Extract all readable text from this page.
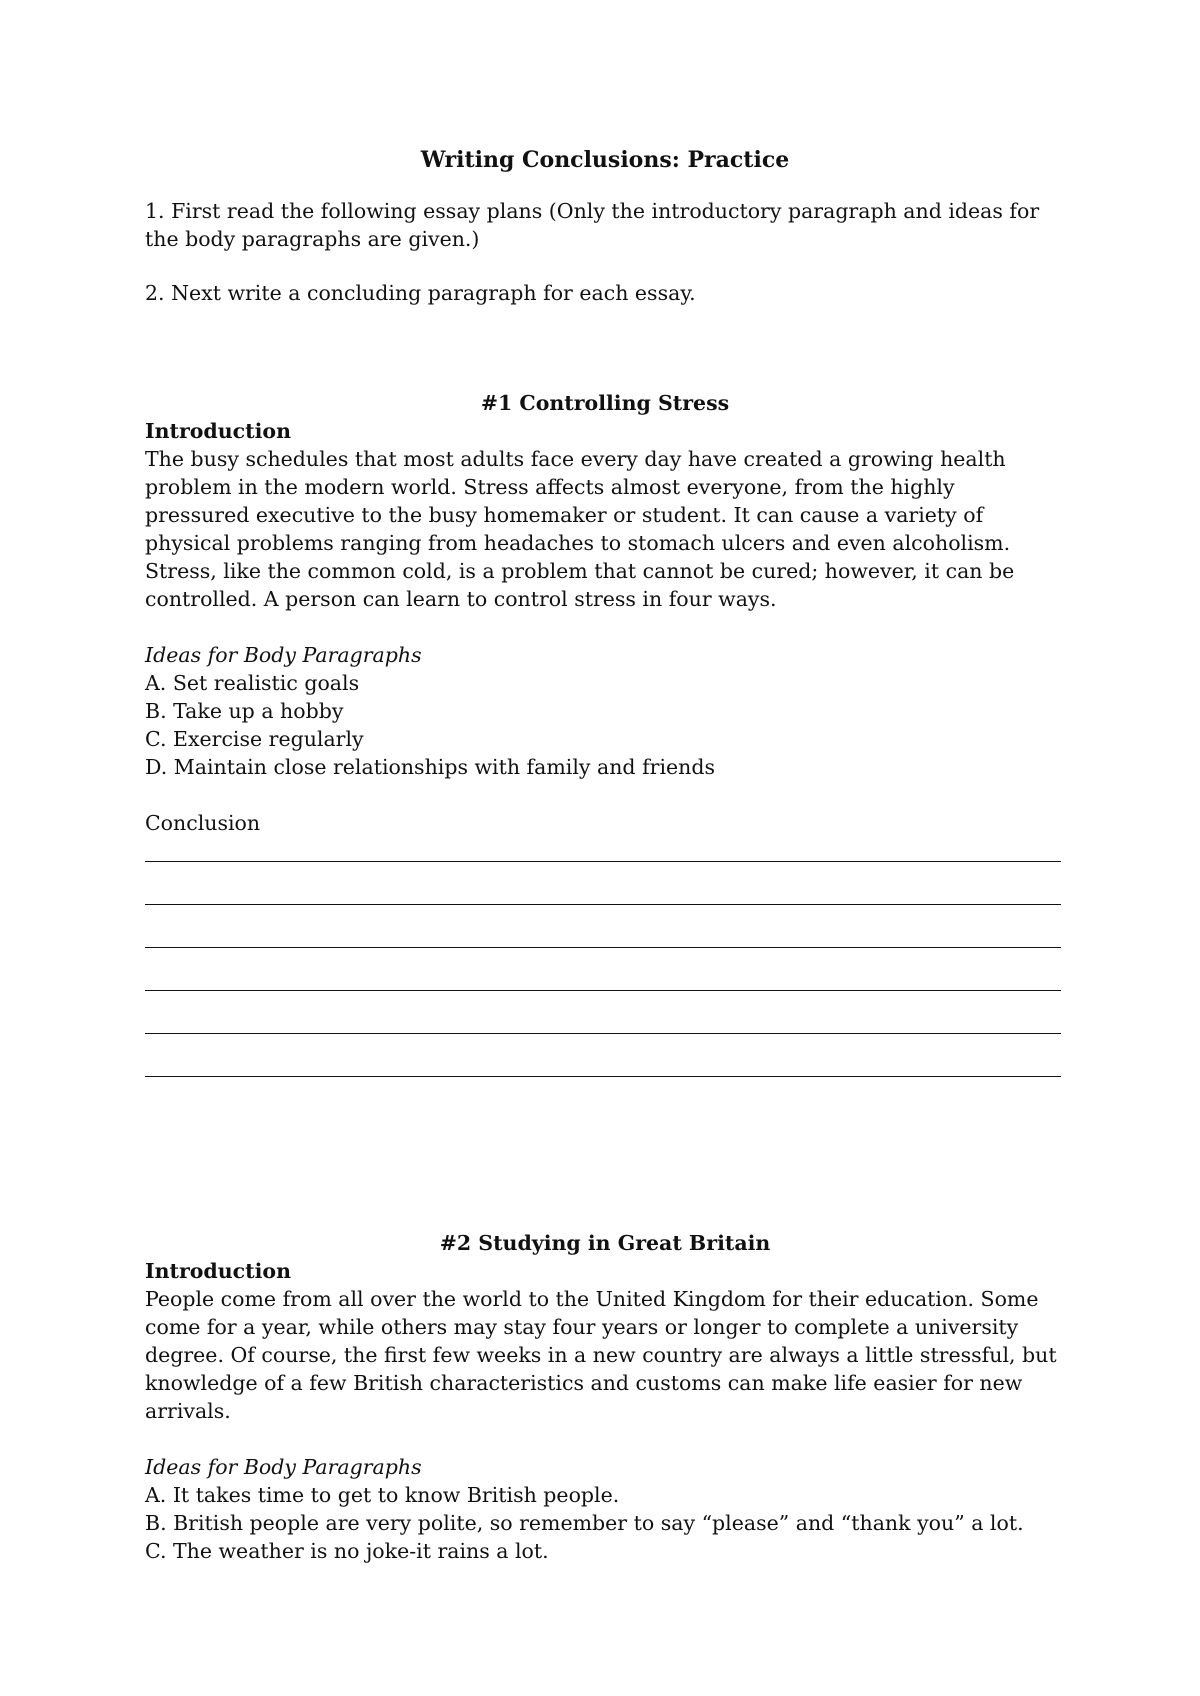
Writing Conclusions: Practice

1. First read the following essay plans (Only the introductory paragraph and ideas for the body paragraphs are given.)

2. Next write a concluding paragraph for each essay.

#1 Controlling Stress

Introduction

The busy schedules that most adults face every day have created a growing health problem in the modern world. Stress affects almost everyone, from the highly pressured executive to the busy homemaker or student. It can cause a variety of physical problems ranging from headaches to stomach ulcers and even alcoholism. Stress, like the common cold, is a problem that cannot be cured; however, it can be controlled. A person can learn to control stress in four ways.

Ideas for Body Paragraphs

A. Set realistic goals
B. Take up a hobby
C. Exercise regularly
D. Maintain close relationships with family and friends

Conclusion

#2 Studying in Great Britain

Introduction

People come from all over the world to the United Kingdom for their education. Some come for a year, while others may stay four years or longer to complete a university degree. Of course, the first few weeks in a new country are always a little stressful, but knowledge of a few British characteristics and customs can make life easier for new arrivals.

Ideas for Body Paragraphs

A. It takes time to get to know British people.
B. British people are very polite, so remember to say “please” and “thank you” a lot.
C. The weather is no joke-it rains a lot.
